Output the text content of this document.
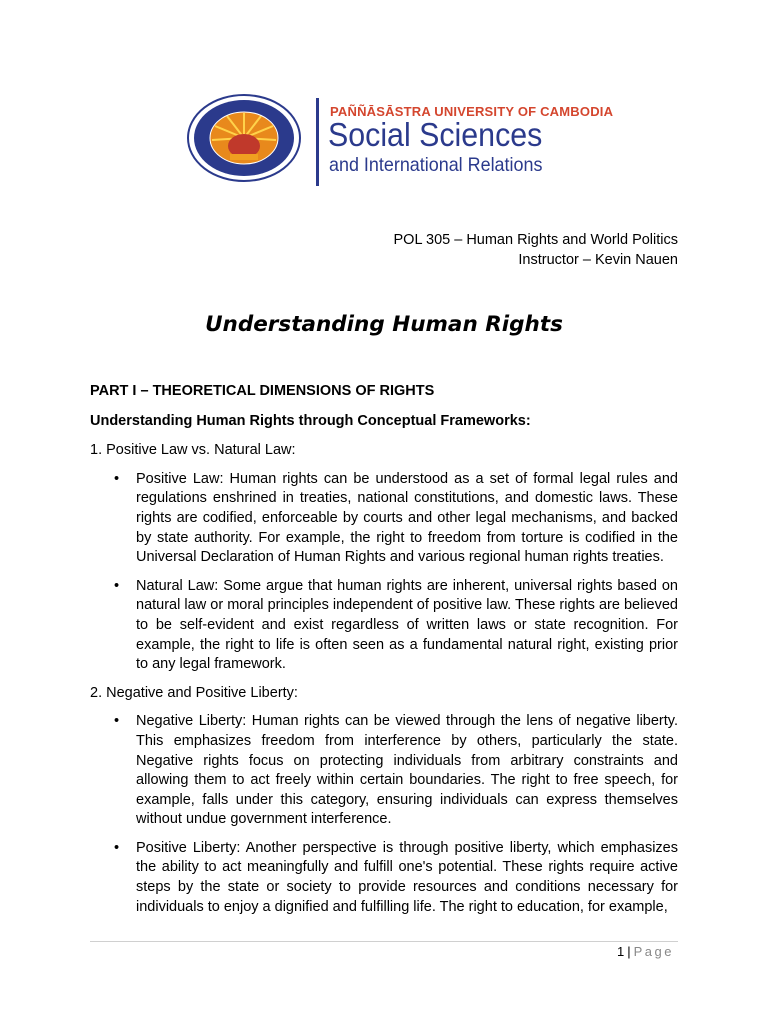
PAÑÑĀSĀSTRA UNIVERSITY OF CAMBODIA
Social Sciences
and International Relations
POL 305 – Human Rights and World Politics
Instructor – Kevin Nauen
Understanding Human Rights
PART I – THEORETICAL DIMENSIONS OF RIGHTS
Understanding Human Rights through Conceptual Frameworks:
1. Positive Law vs. Natural Law:
• Positive Law: Human rights can be understood as a set of formal legal rules and regulations enshrined in treaties, national constitutions, and domestic laws. These rights are codified, enforceable by courts and other legal mechanisms, and backed by state authority. For example, the right to freedom from torture is codified in the Universal Declaration of Human Rights and various regional human rights treaties.
• Natural Law: Some argue that human rights are inherent, universal rights based on natural law or moral principles independent of positive law. These rights are believed to be self-evident and exist regardless of written laws or state recognition. For example, the right to life is often seen as a fundamental natural right, existing prior to any legal framework.
2. Negative and Positive Liberty:
• Negative Liberty: Human rights can be viewed through the lens of negative liberty. This emphasizes freedom from interference by others, particularly the state. Negative rights focus on protecting individuals from arbitrary constraints and allowing them to act freely within certain boundaries. The right to free speech, for example, falls under this category, ensuring individuals can express themselves without undue government interference.
• Positive Liberty: Another perspective is through positive liberty, which emphasizes the ability to act meaningfully and fulfill one's potential. These rights require active steps by the state or society to provide resources and conditions necessary for individuals to enjoy a dignified and fulfilling life. The right to education, for example,
1 | Page
